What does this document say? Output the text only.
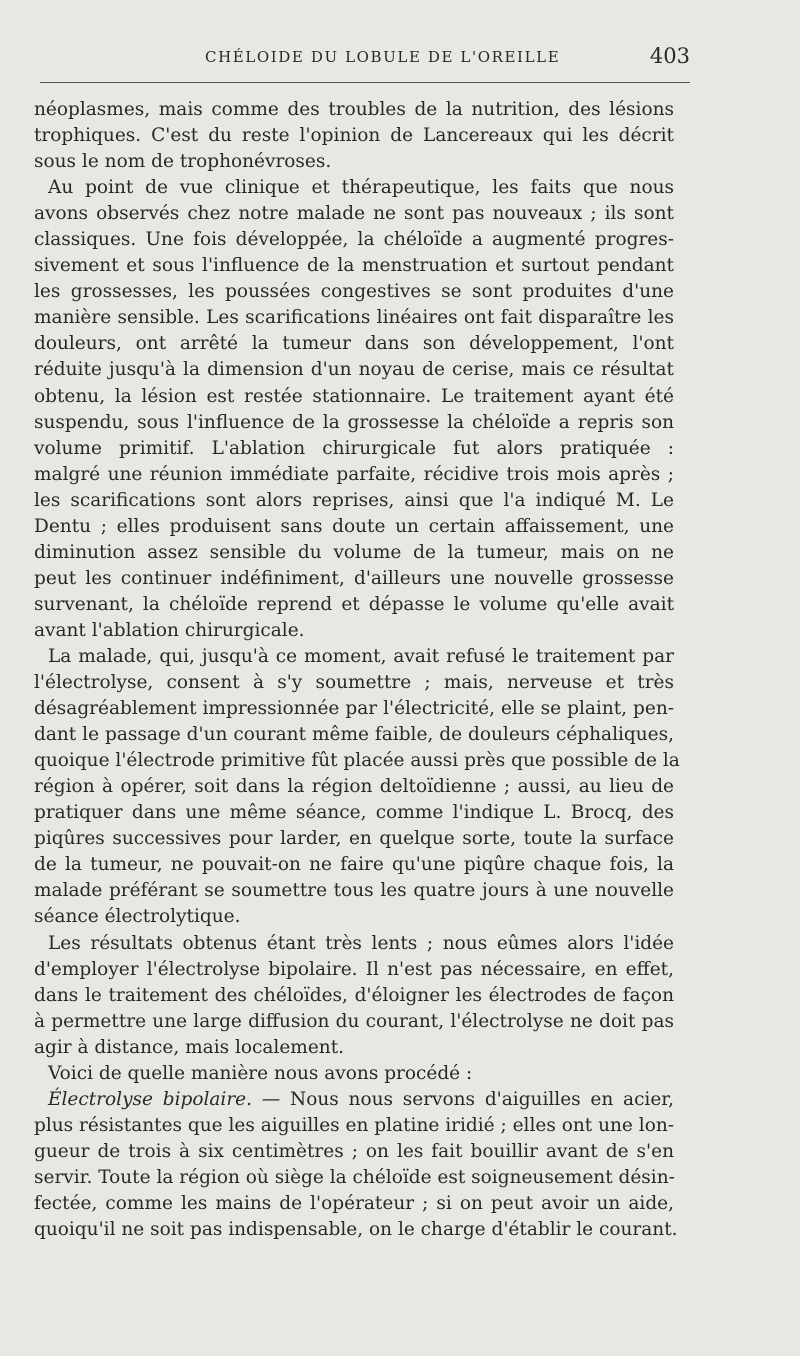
CHÉLOIDE DU LOBULE DE L'OREILLE	403
néoplasmes, mais comme des troubles de la nutrition, des lésions
trophiques. C'est du reste l'opinion de Lancereaux qui les décrit
sous le nom de trophonévroses.
Au point de vue clinique et thérapeutique, les faits que nous
avons observés chez notre malade ne sont pas nouveaux ; ils sont
classiques. Une fois développée, la chéloïde a augmenté progres-
sivement et sous l'influence de la menstruation et surtout pendant
les grossesses, les poussées congestives se sont produites d'une
manière sensible. Les scarifications linéaires ont fait disparaître les
douleurs, ont arrêté la tumeur dans son développement, l'ont
réduite jusqu'à la dimension d'un noyau de cerise, mais ce résultat
obtenu, la lésion est restée stationnaire. Le traitement ayant été
suspendu, sous l'influence de la grossesse la chéloïde a repris son
volume primitif. L'ablation chirurgicale fut alors pratiquée :
malgré une réunion immédiate parfaite, récidive trois mois après ;
les scarifications sont alors reprises, ainsi que l'a indiqué M. Le
Dentu ; elles produisent sans doute un certain affaissement, une
diminution assez sensible du volume de la tumeur, mais on ne
peut les continuer indéfiniment, d'ailleurs une nouvelle grossesse
survenant, la chéloïde reprend et dépasse le volume qu'elle avait
avant l'ablation chirurgicale.
La malade, qui, jusqu'à ce moment, avait refusé le traitement par
l'électrolyse, consent à s'y soumettre ; mais, nerveuse et très
désagréablement impressionnée par l'électricité, elle se plaint, pen-
dant le passage d'un courant même faible, de douleurs céphaliques,
quoique l'électrode primitive fût placée aussi près que possible de la
région à opérer, soit dans la région deltoïdienne ; aussi, au lieu de
pratiquer dans une même séance, comme l'indique L. Brocq, des
piqûres successives pour larder, en quelque sorte, toute la surface
de la tumeur, ne pouvait-on ne faire qu'une piqûre chaque fois, la
malade préférant se soumettre tous les quatre jours à une nouvelle
séance électrolytique.
Les résultats obtenus étant très lents ; nous eûmes alors l'idée
d'employer l'électrolyse bipolaire. Il n'est pas nécessaire, en effet,
dans le traitement des chéloïdes, d'éloigner les électrodes de façon
à permettre une large diffusion du courant, l'électrolyse ne doit pas
agir à distance, mais localement.
Voici de quelle manière nous avons procédé :
Électrolyse bipolaire. — Nous nous servons d'aiguilles en acier,
plus résistantes que les aiguilles en platine iridié ; elles ont une lon-
gueur de trois à six centimètres ; on les fait bouillir avant de s'en
servir. Toute la région où siège la chéloïde est soigneusement désin-
fectée, comme les mains de l'opérateur ; si on peut avoir un aide,
quoiqu'il ne soit pas indispensable, on le charge d'établir le courant.
